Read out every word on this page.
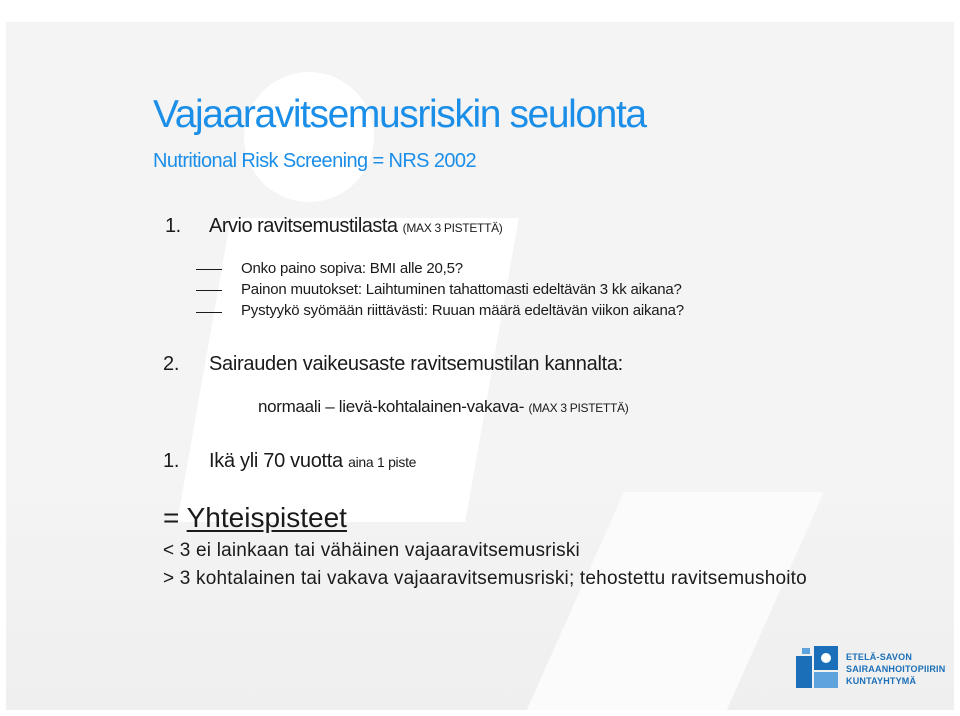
Vajaaravitsemusriskin seulonta
Nutritional Risk Screening = NRS 2002
1. Arvio ravitsemustilasta (MAX 3 PISTETTÄ)
Onko paino sopiva: BMI alle 20,5?
Painon muutokset: Laihtuminen tahattomasti edeltävän 3 kk aikana?
Pystyykö syömään riittävästi: Ruuan määrä edeltävän viikon aikana?
2. Sairauden vaikeusaste ravitsemustilan kannalta:
normaali – lievä-kohtalainen-vakava- (MAX 3 PISTETTÄ)
1. Ikä yli 70 vuotta aina 1 piste
= Yhteispisteet
< 3 ei lainkaan tai vähäinen vajaaravitsemusriski
> 3 kohtalainen tai vakava vajaaravitsemusriski; tehostettu ravitsemushoito
ETELÄ-SAVON
SAIRAANHOITOPIIRIN
KUNTAYHTYMÄ
